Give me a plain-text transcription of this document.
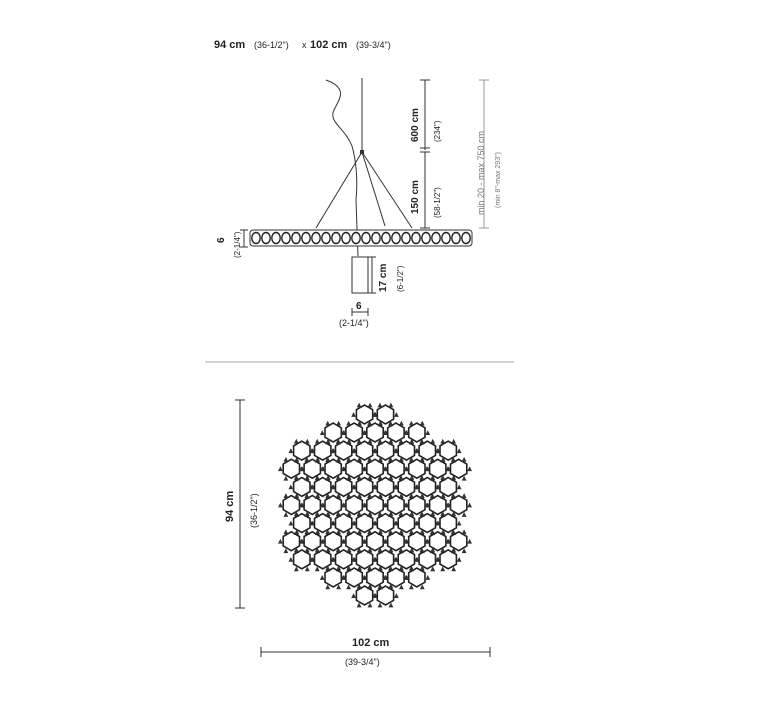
94 cm (36-1/2") x 102 cm (39-3/4")
6 (2-1/4")
600 cm (234")
150 cm (58-1/2")	min 20 - max 750 cm (min 8"-max 293")
17 cm (6-1/2")
6
(2-1/4")
94 cm (36-1/2")
102 cm
(39-3/4")
